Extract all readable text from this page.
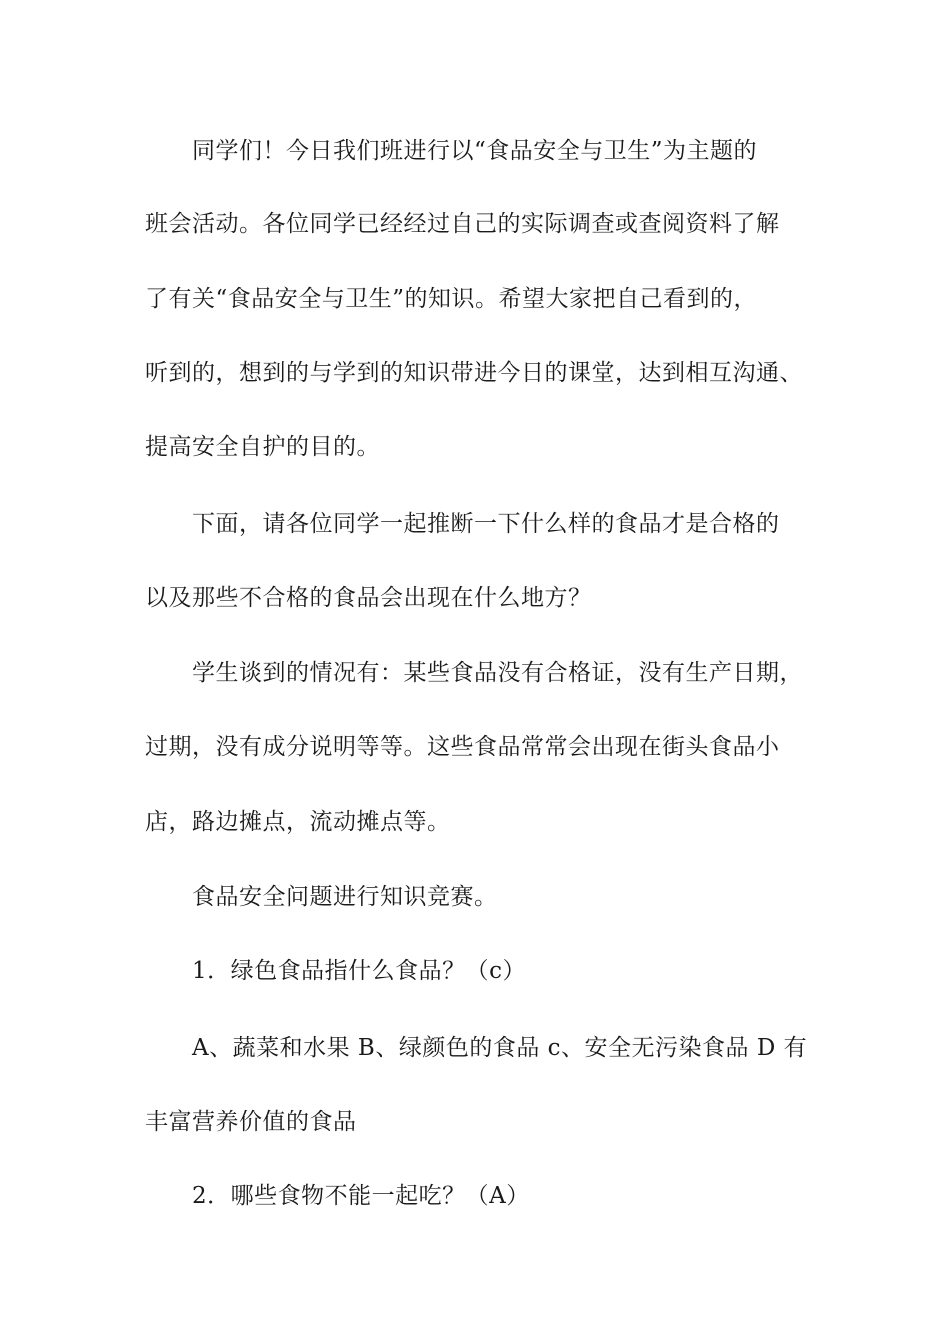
同学们！今日我们班进行以“食品安全与卫生”为主题的
班会活动。各位同学已经经过自己的实际调查或查阅资料了解
了有关“食品安全与卫生”的知识。希望大家把自己看到的，
听到的，想到的与学到的知识带进今日的课堂，达到相互沟通、
提高安全自护的目的。
下面，请各位同学一起推断一下什么样的食品才是合格的
以及那些不合格的食品会出现在什么地方？
学生谈到的情况有：某些食品没有合格证，没有生产日期，
过期，没有成分说明等等。这些食品常常会出现在街头食品小
店，路边摊点，流动摊点等。
食品安全问题进行知识竞赛。
1．绿色食品指什么食品？（c）
A、蔬菜和水果 B、绿颜色的食品 c、安全无污染食品 D 有
丰富营养价值的食品
2．哪些食物不能一起吃？（A）
